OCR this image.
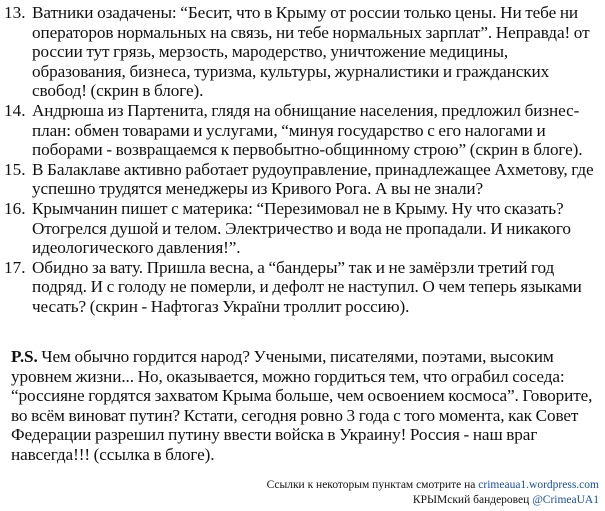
13. Ватники озадачены: “Бесит, что в Крыму от россии только цены. Ни тебе ни операторов нормальных на связь, ни тебе нормальных зарплат”. Неправда! от россии тут грязь, мерзость, мародерство, уничтожение медицины, образования, бизнеса, туризма, культуры, журналистики и гражданских свобод! (скрин в блоге).
14. Андрюша из Партенита, глядя на обнищание населения, предложил бизнес-план: обмен товарами и услугами, “минуя государство с его налогами и поборами - возвращаемся к первобытно-общинному строю” (скрин в блоге).
15. В Балаклаве активно работает рудоуправление, принадлежащее Ахметову, где успешно трудятся менеджеры из Кривого Рога. А вы не знали?
16. Крымчанин пишет с материка: “Перезимовал не в Крыму. Ну что сказать? Отогрелся душой и телом. Электричество и вода не пропадали. И никакого идеологического давления!”.
17. Обидно за вату. Пришла весна, а “бандеры” так и не замёрзли третий год подряд. И с голоду не померли, и дефолт не наступил. О чем теперь языками чесать? (скрин - Нафтогаз України троллит россию).

P.S. Чем обычно гордится народ? Учеными, писателями, поэтами, высоким уровнем жизни... Но, оказывается, можно гордиться тем, что ограбил соседа: “россияне гордятся захватом Крыма больше, чем освоением космоса”. Говорите, во всём виноват путин? Кстати, сегодня ровно 3 года с того момента, как Совет Федерации разрешил путину ввести войска в Украину! Россия - наш враг навсегда!!! (ссылка в блоге).

Ссылки к некоторым пунктам смотрите на crimeaua1.wordpress.com
КРЫМский бандеровец @CrimeaUA1
